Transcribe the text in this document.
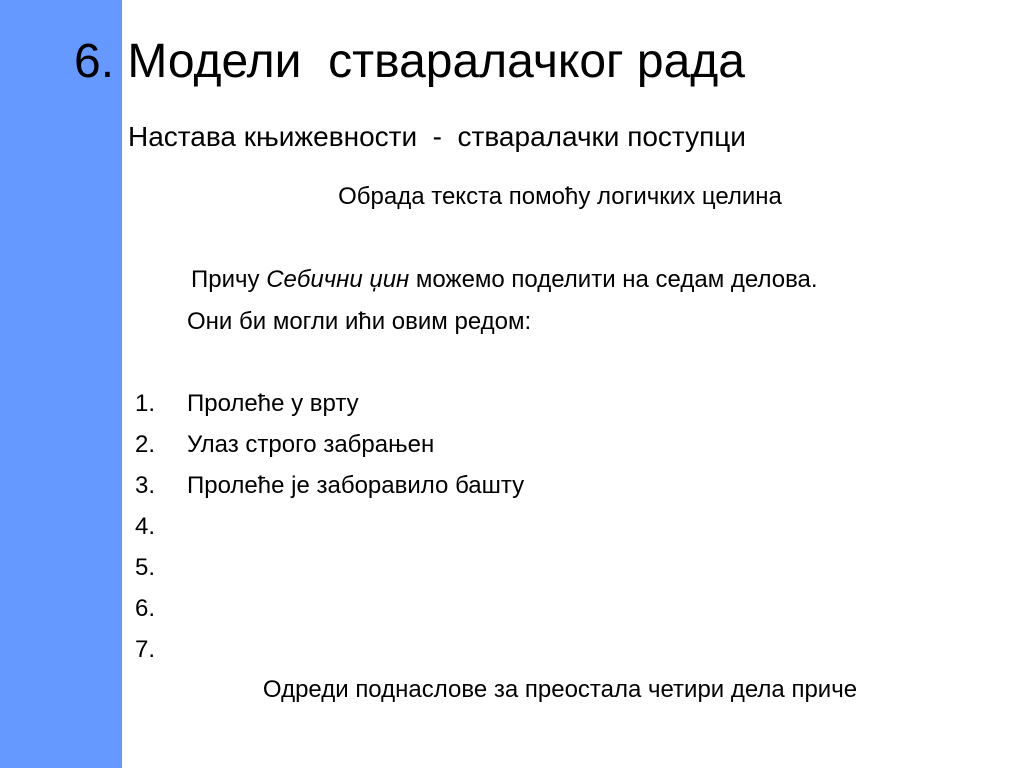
6. Модели  стваралачког рада
Настава књижевности  -  стваралачки поступци
Обрада текста помоћу логичких целина
Причу Себични џин можемо поделити на седам делова.
Они би могли ићи овим редом:
1.	Пролеће у врту
2.	Улаз строго забрањен
3.	Пролеће је заборавило башту
4.
5.
6.
7.
Одреди поднаслове за преостала четири дела приче
